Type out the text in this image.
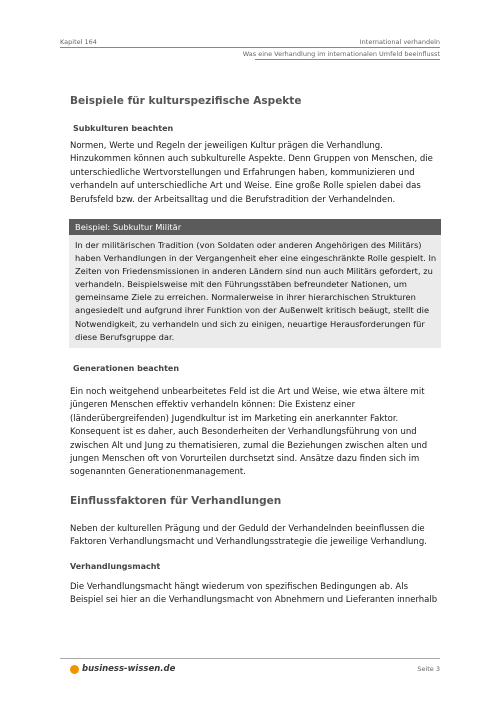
Kapitel 164	International verhandeln
Was eine Verhandlung im internationalen Umfeld beeinflusst
Beispiele für kulturspezifische Aspekte
Subkulturen beachten
Normen, Werte und Regeln der jeweiligen Kultur prägen die Verhandlung. Hinzukommen können auch subkulturelle Aspekte. Denn Gruppen von Menschen, die unterschiedliche Wertvorstellungen und Erfahrungen haben, kommunizieren und verhandeln auf unterschiedliche Art und Weise. Eine große Rolle spielen dabei das Berufsfeld bzw. der Arbeitsalltag und die Berufstradition der Verhandelnden.
Beispiel: Subkultur Militär
In der militärischen Tradition (von Soldaten oder anderen Angehörigen des Militärs) haben Verhandlungen in der Vergangenheit eher eine eingeschränkte Rolle gespielt. In Zeiten von Friedensmissionen in anderen Ländern sind nun auch Militärs gefordert, zu verhandeln. Beispielsweise mit den Führungsstäben befreundeter Nationen, um gemeinsame Ziele zu erreichen. Normalerweise in ihrer hierarchischen Strukturen angesiedelt und aufgrund ihrer Funktion von der Außenwelt kritisch beäugt, stellt die Notwendigkeit, zu verhandeln und sich zu einigen, neuartige Herausforderungen für diese Berufsgruppe dar.
Generationen beachten
Ein noch weitgehend unbearbeitetes Feld ist die Art und Weise, wie etwa ältere mit jüngeren Menschen effektiv verhandeln können: Die Existenz einer (länderübergreifenden) Jugendkultur ist im Marketing ein anerkannter Faktor. Konsequent ist es daher, auch Besonderheiten der Verhandlungsführung von und zwischen Alt und Jung zu thematisieren, zumal die Beziehungen zwischen alten und jungen Menschen oft von Vorurteilen durchsetzt sind. Ansätze dazu finden sich im sogenannten Generationenmanagement.
Einflussfaktoren für Verhandlungen
Neben der kulturellen Prägung und der Geduld der Verhandelnden beeinflussen die Faktoren Verhandlungsmacht und Verhandlungsstrategie die jeweilige Verhandlung.
Verhandlungsmacht
Die Verhandlungsmacht hängt wiederum von spezifischen Bedingungen ab. Als Beispiel sei hier an die Verhandlungsmacht von Abnehmern und Lieferanten innerhalb
business-wissen.de	Seite 3
